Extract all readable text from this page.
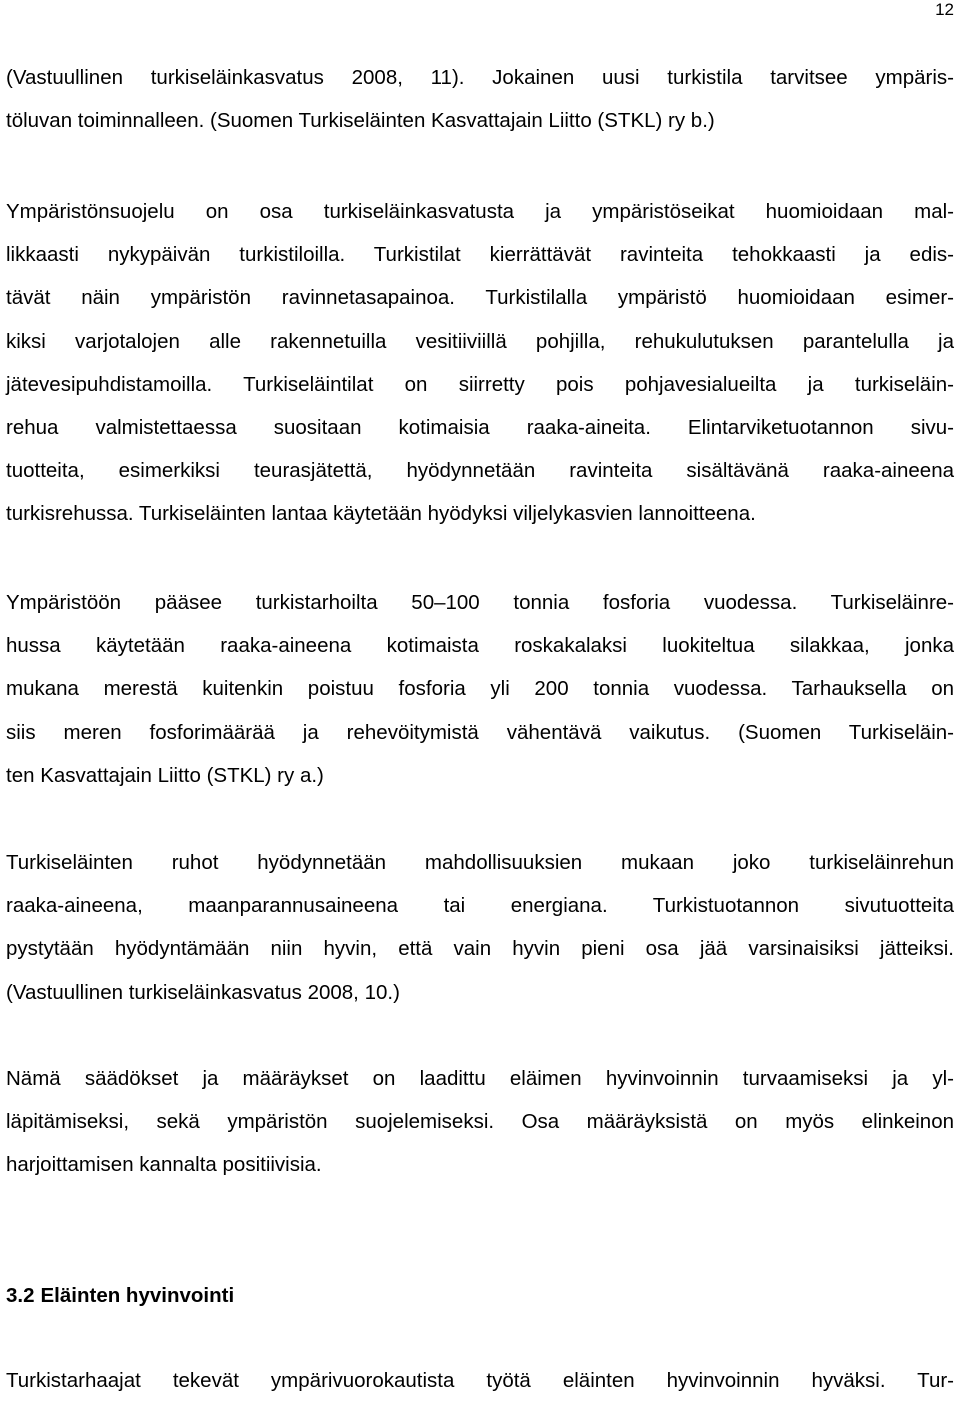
12

(Vastuullinen turkiseläinkasvatus 2008, 11). Jokainen uusi turkistila tarvitsee ympäris-
töluvan toiminnalleen. (Suomen Turkiseläinten Kasvattajain Liitto (STKL) ry b.)

Ympäristönsuojelu on osa turkiseläinkasvatusta ja ympäristöseikat huomioidaan mal-
likkaasti nykypäivän turkistiloilla. Turkistilat kierrättävät ravinteita tehokkaasti ja edis-
tävät näin ympäristön ravinnetasapainoa. Turkistilalla ympäristö huomioidaan esimer-
kiksi varjotalojen alle rakennetuilla vesitiiviillä pohjilla, rehukulutuksen parantelulla ja
jätevesipuhdistamoilla. Turkiseläintilat on siirretty pois pohjavesialueilta ja turkiseläin-
rehua valmistettaessa suositaan kotimaisia raaka-aineita. Elintarviketuotannon sivu-
tuotteita, esimerkiksi teurasjätettä, hyödynnetään ravinteita sisältävänä raaka-aineena
turkisrehussa. Turkiseläinten lantaa käytetään hyödyksi viljelykasvien lannoitteena.

Ympäristöön pääsee turkistarhoilta 50–100 tonnia fosforia vuodessa. Turkiseläinre-
hussa käytetään raaka-aineena kotimaista roskakalaksi luokiteltua silakkaa, jonka
mukana merestä kuitenkin poistuu fosforia yli 200 tonnia vuodessa. Tarhauksella on
siis meren fosforimäärää ja rehevöitymistä vähentävä vaikutus. (Suomen Turkiseläin-
ten Kasvattajain Liitto (STKL) ry a.)

Turkiseläinten ruhot hyödynnetään mahdollisuuksien mukaan joko turkiseläinrehun
raaka-aineena, maanparannusaineena tai energiana. Turkistuotannon sivutuotteita
pystytään hyödyntämään niin hyvin, että vain hyvin pieni osa jää varsinaisiksi jätteiksi.
(Vastuullinen turkiseläinkasvatus 2008, 10.)

Nämä säädökset ja määräykset on laadittu eläimen hyvinvoinnin turvaamiseksi ja yl-
läpitämiseksi, sekä ympäristön suojelemiseksi. Osa määräyksistä on myös elinkeinon
harjoittamisen kannalta positiivisia.

3.2 Eläinten hyvinvointi

Turkistarhaajat tekevät ympärivuorokautista työtä eläinten hyvinvoinnin hyväksi. Tur-
